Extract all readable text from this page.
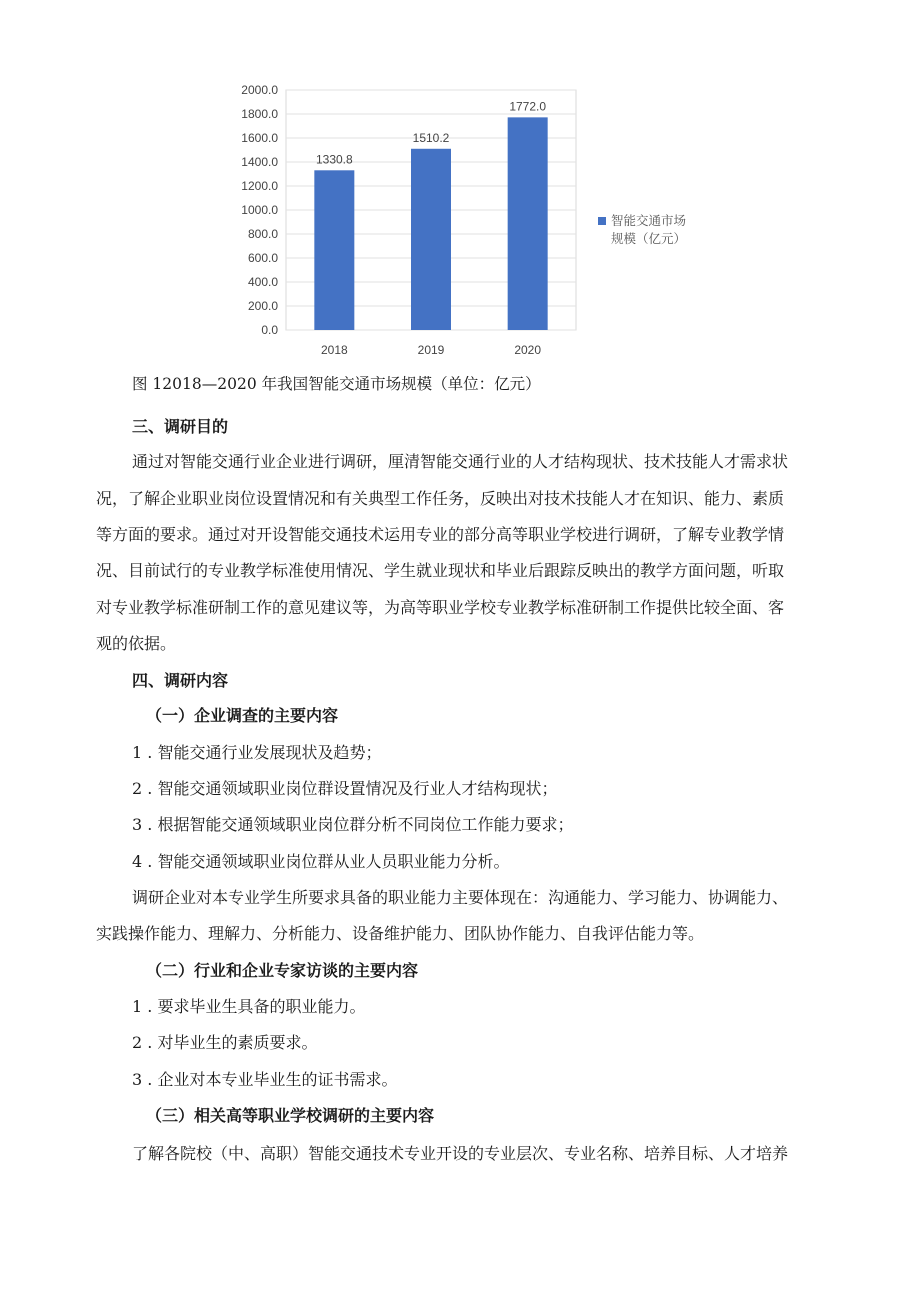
0.0
200.0
400.0
600.0
800.0
1000.0
1200.0
1400.0
1600.0
1800.0
2000.0
1330.8
1510.2
1772.0
2018	2019	2020
智能交通市场
规模（亿元）
图 12018—2020 年我国智能交通市场规模（单位：亿元）
三、调研目的
通过对智能交通行业企业进行调研，厘清智能交通行业的人才结构现状、技术技能人才需求状
况，了解企业职业岗位设置情况和有关典型工作任务，反映出对技术技能人才在知识、能力、素质
等方面的要求。通过对开设智能交通技术运用专业的部分高等职业学校进行调研，了解专业教学情
况、目前试行的专业教学标准使用情况、学生就业现状和毕业后跟踪反映出的教学方面问题，听取
对专业教学标准研制工作的意见建议等，为高等职业学校专业教学标准研制工作提供比较全面、客
观的依据。
四、调研内容
（一）企业调查的主要内容
1 . 智能交通行业发展现状及趋势；
2 . 智能交通领域职业岗位群设置情况及行业人才结构现状；
3 . 根据智能交通领域职业岗位群分析不同岗位工作能力要求；
4 . 智能交通领域职业岗位群从业人员职业能力分析。
调研企业对本专业学生所要求具备的职业能力主要体现在：沟通能力、学习能力、协调能力、
实践操作能力、理解力、分析能力、设备维护能力、团队协作能力、自我评估能力等。
（二）行业和企业专家访谈的主要内容
1 . 要求毕业生具备的职业能力。
2 . 对毕业生的素质要求。
3 . 企业对本专业毕业生的证书需求。
（三）相关高等职业学校调研的主要内容
了解各院校（中、高职）智能交通技术专业开设的专业层次、专业名称、培养目标、人才培养
